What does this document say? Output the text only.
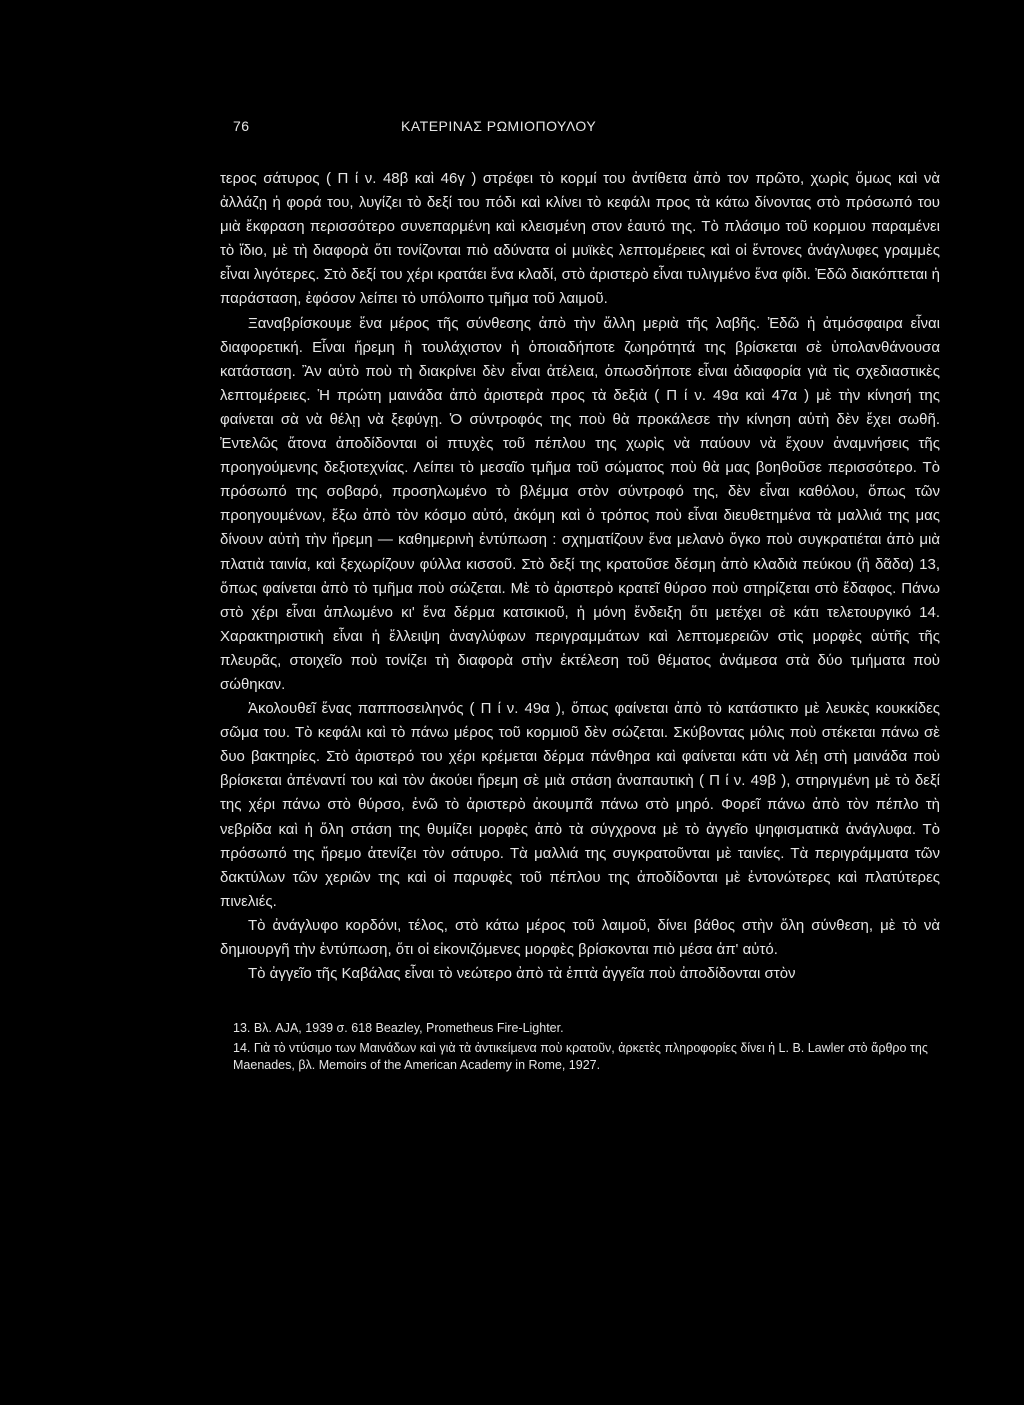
76	ΚΑΤΕΡΙΝΑΣ ΡΩΜΙΟΠΟΥΛΟΥ

τερος σάτυρος ( Π ί ν. 48β καὶ 46γ ) στρέφει τὸ κορμί του ἀντίθετα ἀπὸ τον πρῶτο, χωρὶς ὅμως καὶ νὰ ἀλλάζῃ ἡ φορά του, λυγίζει τὸ δεξί του πόδι καὶ κλίνει τὸ κεφάλι προς τὰ κάτω δίνοντας στὸ πρόσωπό του μιὰ ἔκφραση περισσότερο συνεπαρμένη καὶ κλεισμένη στον ἑαυτό της. Τὸ πλάσιμο τοῦ κορμιου παραμένει τὸ ἴδιο, μὲ τὴ διαφορὰ ὅτι τονίζονται πιὸ αδύνατα οἱ μυϊκὲς λεπτομέρειες καὶ οἱ ἔντονες ἀνάγλυφες γραμμὲς εἶναι λιγότερες. Στὸ δεξί του χέρι κρατάει ἕνα κλαδί, στὸ ἀριστερὸ εἶναι τυλιγμένο ἕνα φίδι. Ἐδῶ διακόπτεται ἡ παράσταση, ἐφόσον λείπει τὸ υπόλοιπο τμῆμα τοῦ λαιμοῦ.

Ξαναβρίσκουμε ἕνα μέρος τῆς σύνθεσης ἀπὸ τὴν ἄλλη μεριὰ τῆς λαβῆς. Ἐδῶ ἡ ἀτμόσφαιρα εἶναι διαφορετική. Εἶναι ἤρεμη ἢ τουλάχιστον ἡ ὁποιαδήποτε ζωηρότητά της βρίσκεται σὲ ὑπολανθάνουσα κατάσταση. Ἂν αὐτὸ ποὺ τὴ διακρίνει δὲν εἶναι ἀτέλεια, ὁπωσδήποτε εἶναι ἀδιαφορία γιὰ τὶς σχεδιαστικὲς λεπτομέρειες. Ἡ πρώτη μαινάδα ἀπὸ ἀριστερὰ προς τὰ δεξιὰ ( Π ί ν. 49α καὶ 47α ) μὲ τὴν κίνησή της φαίνεται σὰ νὰ θέλῃ νὰ ξεφύγῃ. Ὁ σύντροφός της ποὺ θὰ προκάλεσε τὴν κίνηση αὐτὴ δὲν ἔχει σωθῆ. Ἐντελῶς ἄτονα ἀποδίδονται οἱ πτυχὲς τοῦ πέπλου της χωρὶς νὰ παύουν νὰ ἔχουν ἀναμνήσεις τῆς προηγούμενης δεξιοτεχνίας. Λείπει τὸ μεσαῖο τμῆμα τοῦ σώματος ποὺ θὰ μας βοηθοῦσε περισσότερο. Τὸ πρόσωπό της σοβαρό, προσηλωμένο τὸ βλέμμα στὸν σύντροφό της, δὲν εἶναι καθόλου, ὅπως τῶν προηγουμένων, ἔξω ἀπὸ τὸν κόσμο αὐτό, ἀκόμη καὶ ὁ τρόπος ποὺ εἶναι διευθετημένα τὰ μαλλιά της μας δίνουν αὐτὴ τὴν ἤρεμη — καθημερινὴ ἐντύπωση : σχηματίζουν ἕνα μελανὸ ὄγκο ποὺ συγκρατιέται ἀπὸ μιὰ πλατιὰ ταινία, καὶ ξεχωρίζουν φύλλα κισσοῦ. Στὸ δεξί της κρατοῦσε δέσμη ἀπὸ κλαδιὰ πεύκου (ἢ δᾶδα) 13, ὅπως φαίνεται ἀπὸ τὸ τμῆμα ποὺ σώζεται. Μὲ τὸ ἀριστερὸ κρατεῖ θύρσο ποὺ στηρίζεται στὸ ἔδαφος. Πάνω στὸ χέρι εἶναι ἁπλωμένο κι' ἕνα δέρμα κατσικιοῦ, ἡ μόνη ἔνδειξη ὅτι μετέχει σὲ κάτι τελετουργικό 14. Χαρακτηριστικὴ εἶναι ἡ ἔλλειψη ἀναγλύφων περιγραμμάτων καὶ λεπτομερειῶν στὶς μορφὲς αὐτῆς τῆς πλευρᾶς, στοιχεῖο ποὺ τονίζει τὴ διαφορὰ στὴν ἐκτέλεση τοῦ θέματος ἀνάμεσα στὰ δύο τμήματα ποὺ σώθηκαν.

Ἀκολουθεῖ ἕνας παπποσειληνός ( Π ί ν. 49α ), ὅπως φαίνεται ἀπὸ τὸ κατάστικτο μὲ λευκὲς κουκκίδες σῶμα του. Τὸ κεφάλι καὶ τὸ πάνω μέρος τοῦ κορμιοῦ δὲν σώζεται. Σκύβοντας μόλις ποὺ στέκεται πάνω σὲ δυο βακτηρίες. Στὸ ἀριστερό του χέρι κρέμεται δέρμα πάνθηρα καὶ φαίνεται κάτι νὰ λέῃ στὴ μαινάδα ποὺ βρίσκεται ἀπέναντί του καὶ τὸν ἀκούει ἤρεμη σὲ μιὰ στάση ἀναπαυτικὴ ( Π ί ν. 49β ), στηριγμένη μὲ τὸ δεξί της χέρι πάνω στὸ θύρσο, ἐνῶ τὸ ἀριστερὸ ἀκουμπᾶ πάνω στὸ μηρό. Φορεῖ πάνω ἀπὸ τὸν πέπλο τὴ νεβρίδα καὶ ἡ ὅλη στάση της θυμίζει μορφὲς ἀπὸ τὰ σύγχρονα μὲ τὸ ἀγγεῖο ψηφισματικὰ ἀνάγλυφα. Τὸ πρόσωπό της ἤρεμο ἀτενίζει τὸν σάτυρο. Τὰ μαλλιά της συγκρατοῦνται μὲ ταινίες. Τὰ περιγράμματα τῶν δακτύλων τῶν χεριῶν της καὶ οἱ παρυφὲς τοῦ πέπλου της ἀποδίδονται μὲ ἐντονώτερες καὶ πλατύτερες πινελιές.

Τὸ ἀνάγλυφο κορδόνι, τέλος, στὸ κάτω μέρος τοῦ λαιμοῦ, δίνει βάθος στὴν ὅλη σύνθεση, μὲ τὸ νὰ δημιουργῆ τὴν ἐντύπωση, ὅτι οἱ εἰκονιζόμενες μορφὲς βρίσκονται πιὸ μέσα ἀπ' αὐτό.

Τὸ ἀγγεῖο τῆς Καβάλας εἶναι τὸ νεώτερο ἀπὸ τὰ ἑπτὰ ἀγγεῖα ποὺ ἀποδίδονται στὸν

13. Βλ. AJA, 1939 σ. 618 Beazley, Prometheus Fire-Lighter.

14. Γιὰ τὸ ντύσιμο των Μαινάδων καὶ γιὰ τὰ ἀντικείμενα ποὺ κρατοῦν, ἀρκετὲς πληροφορίες δίνει ἡ L. B. Lawler στὸ ἄρθρο της Maenades, βλ. Memoirs of the American Academy in Rome, 1927.
